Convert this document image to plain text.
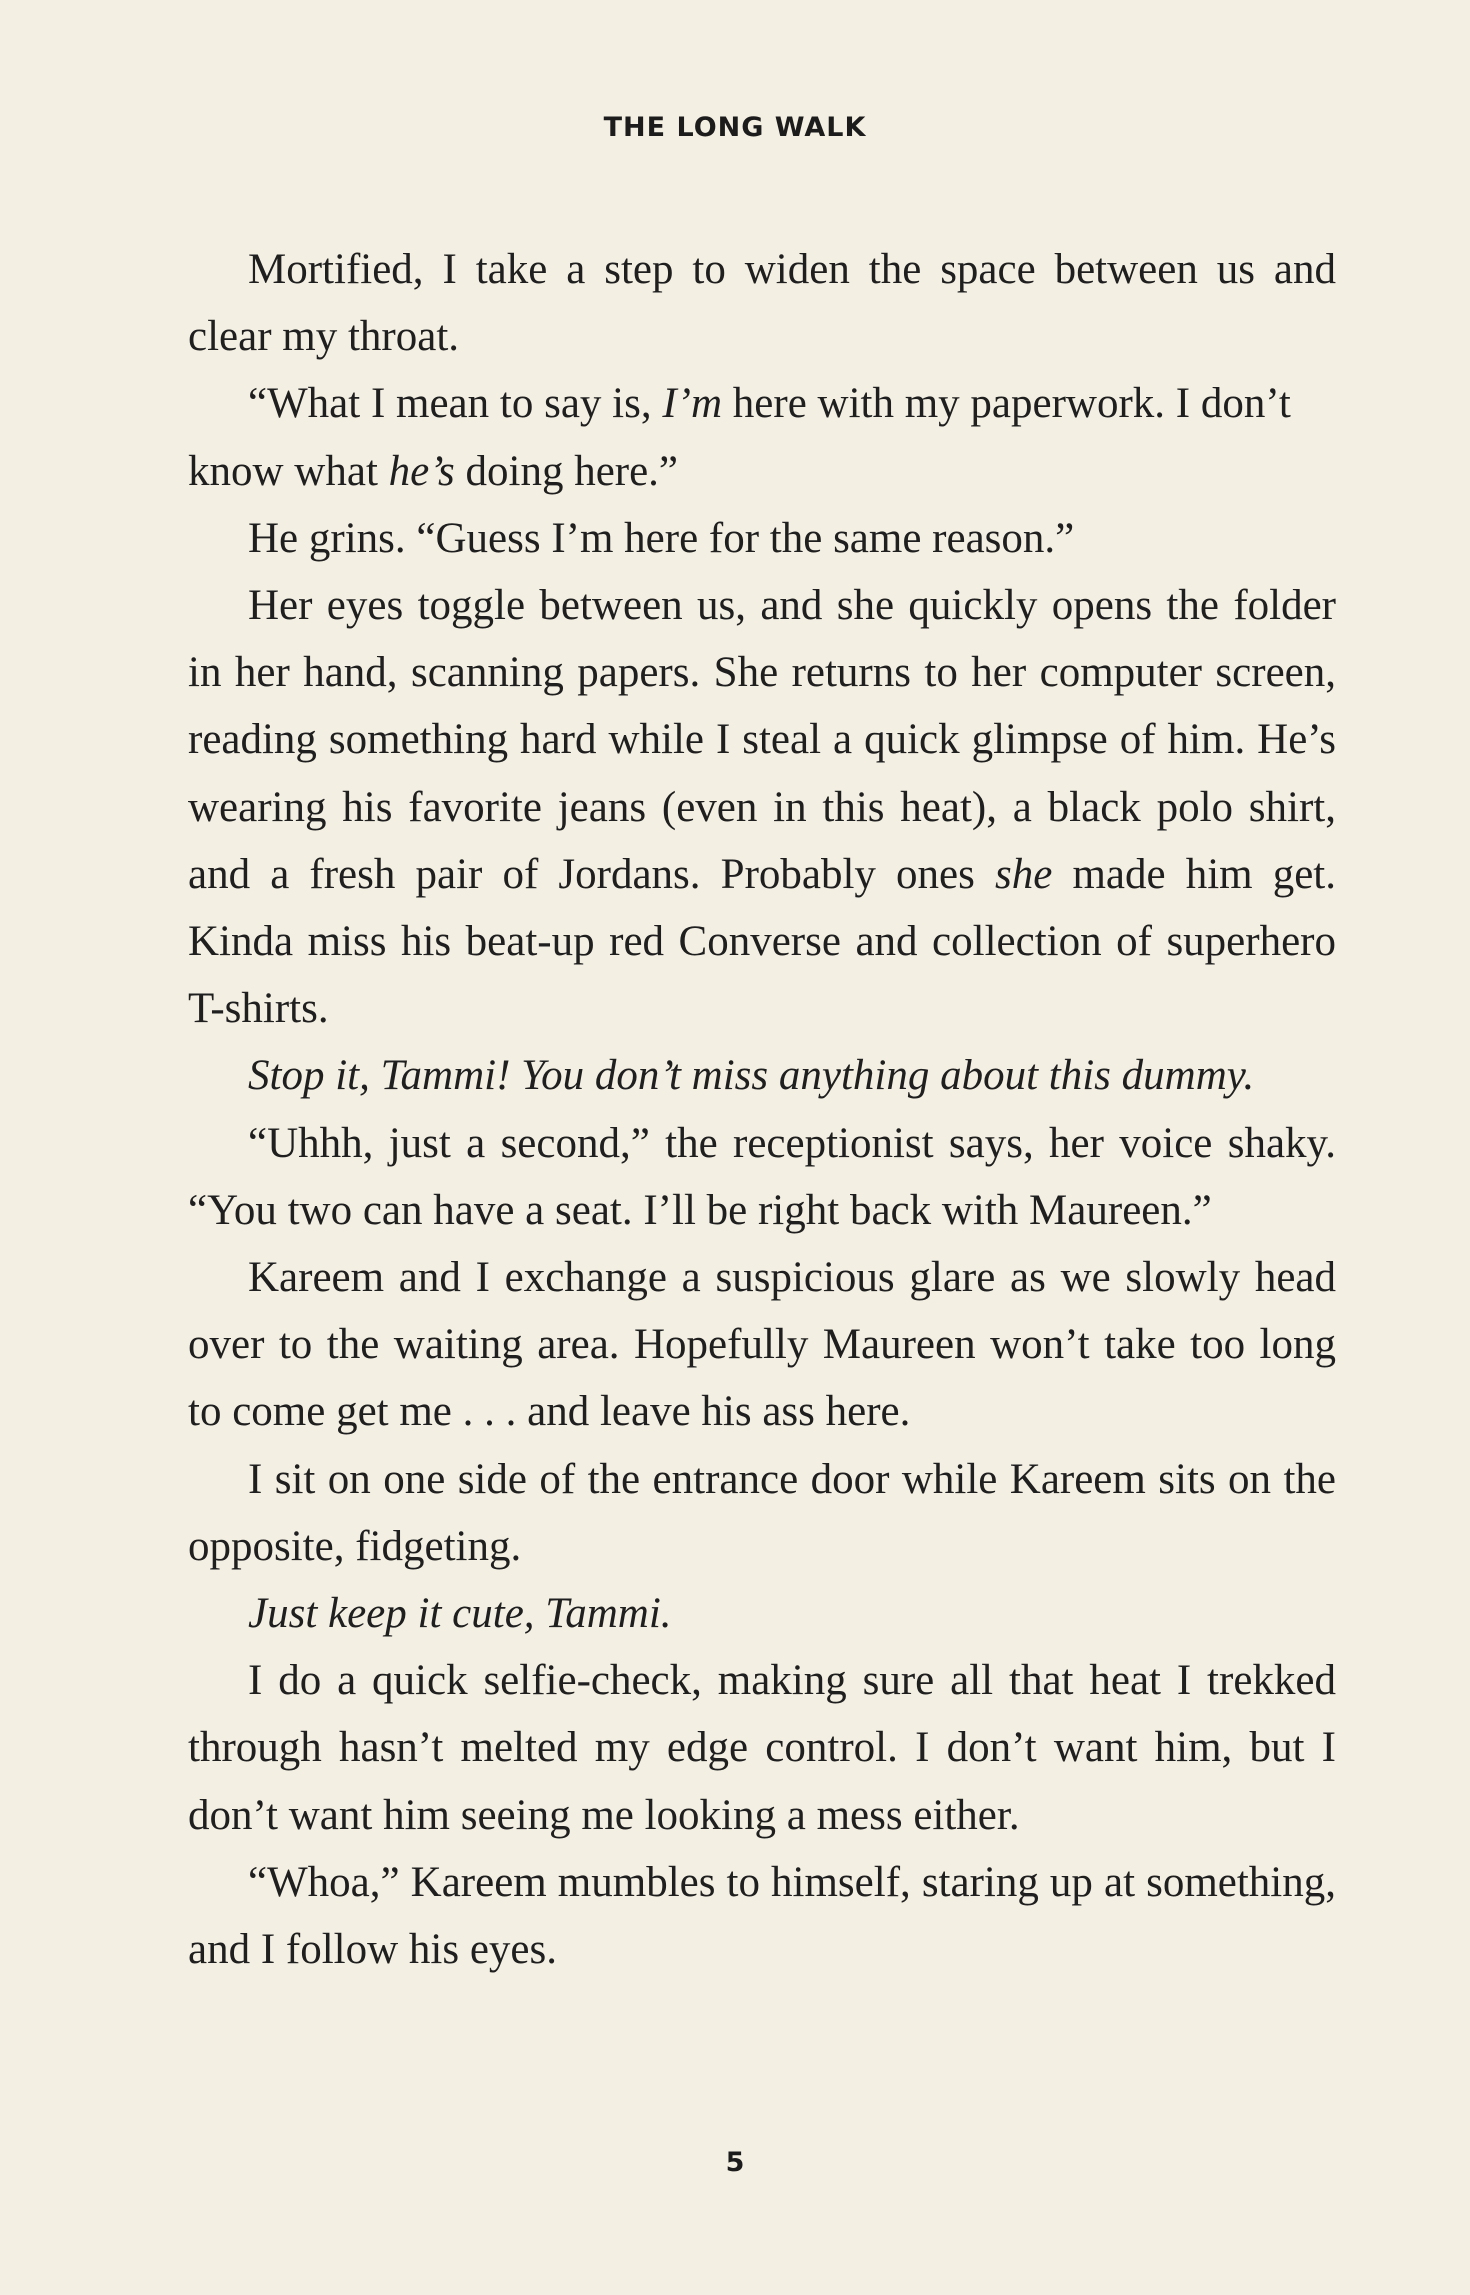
THE LONG WALK

Mortified, I take a step to widen the space between us and clear my throat.

“What I mean to say is, I’m here with my paperwork. I don’t know what he’s doing here.”

He grins. “Guess I’m here for the same reason.”

Her eyes toggle between us, and she quickly opens the folder in her hand, scanning papers. She returns to her computer screen, reading something hard while I steal a quick glimpse of him. He’s wearing his favorite jeans (even in this heat), a black polo shirt, and a fresh pair of Jordans. Probably ones she made him get. Kinda miss his beat-up red Converse and collection of superhero T-shirts.

Stop it, Tammi! You don’t miss anything about this dummy.

“Uhhh, just a second,” the receptionist says, her voice shaky. “You two can have a seat. I’ll be right back with Maureen.”

Kareem and I exchange a suspicious glare as we slowly head over to the waiting area. Hopefully Maureen won’t take too long to come get me . . . and leave his ass here.

I sit on one side of the entrance door while Kareem sits on the opposite, fidgeting.

Just keep it cute, Tammi.

I do a quick selfie-check, making sure all that heat I trekked through hasn’t melted my edge control. I don’t want him, but I don’t want him seeing me looking a mess either.

“Whoa,” Kareem mumbles to himself, staring up at something, and I follow his eyes.

5
